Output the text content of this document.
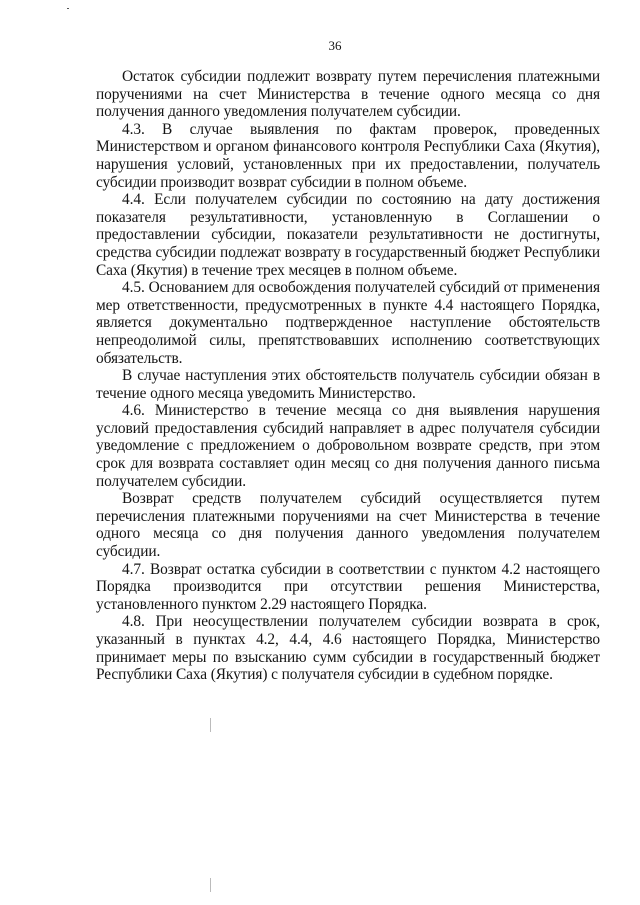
36

Остаток субсидии подлежит возврату путем перечисления платежными поручениями на счет Министерства в течение одного месяца со дня получения данного уведомления получателем субсидии.

4.3. В случае выявления по фактам проверок, проведенных Министерством и органом финансового контроля Республики Саха (Якутия), нарушения условий, установленных при их предоставлении, получатель субсидии производит возврат субсидии в полном объеме.

4.4. Если получателем субсидии по состоянию на дату достижения показателя результативности, установленную в Соглашении о предоставлении субсидии, показатели результативности не достигнуты, средства субсидии подлежат возврату в государственный бюджет Республики Саха (Якутия) в течение трех месяцев в полном объеме.

4.5. Основанием для освобождения получателей субсидий от применения мер ответственности, предусмотренных в пункте 4.4 настоящего Порядка, является документально подтвержденное наступление обстоятельств непреодолимой силы, препятствовавших исполнению соответствующих обязательств.

В случае наступления этих обстоятельств получатель субсидии обязан в течение одного месяца уведомить Министерство.

4.6. Министерство в течение месяца со дня выявления нарушения условий предоставления субсидий направляет в адрес получателя субсидии уведомление с предложением о добровольном возврате средств, при этом срок для возврата составляет один месяц со дня получения данного письма получателем субсидии.

Возврат средств получателем субсидий осуществляется путем перечисления платежными поручениями на счет Министерства в течение одного месяца со дня получения данного уведомления получателем субсидии.

4.7. Возврат остатка субсидии в соответствии с пунктом 4.2 настоящего Порядка производится при отсутствии решения Министерства, установленного пунктом 2.29 настоящего Порядка.

4.8. При неосуществлении получателем субсидии возврата в срок, указанный в пунктах 4.2, 4.4, 4.6 настоящего Порядка, Министерство принимает меры по взысканию сумм субсидии в государственный бюджет Республики Саха (Якутия) с получателя субсидии в судебном порядке.
